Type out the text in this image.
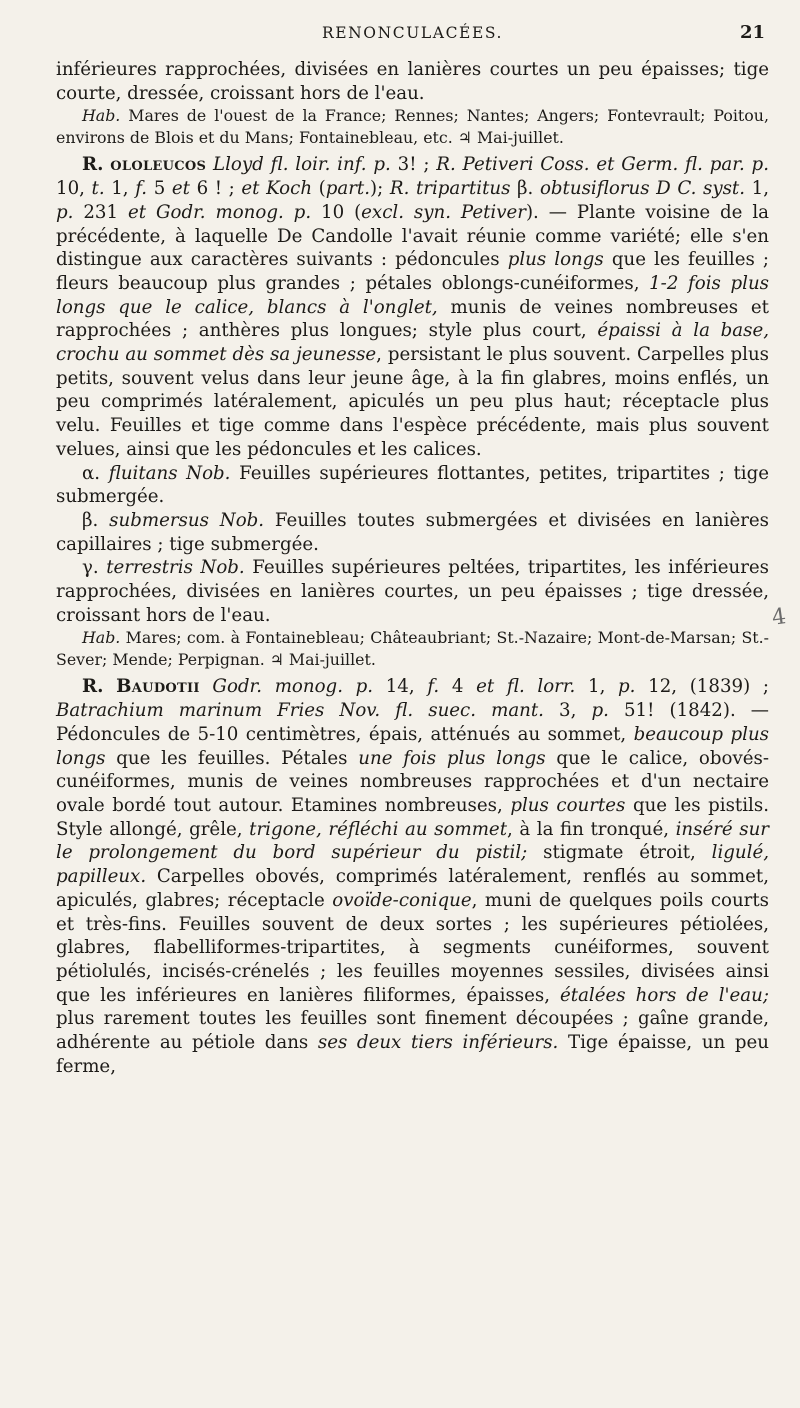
RENONCULACÉES.	21
4

inférieures rapprochées, divisées en lanières courtes un peu épaisses; tige courte, dressée, croissant hors de l'eau.

Hab. Mares de l'ouest de la France; Rennes; Nantes; Angers; Fontevrault; Poitou, environs de Blois et du Mans; Fontainebleau, etc. ♃ Mai-juillet.

R. ololeucos Lloyd fl. loir. inf. p. 3! ; R. Petiveri Coss. et Germ. fl. par. p. 10, t. 1, f. 5 et 6 ! ; et Koch (part.); R. tripartitus β. obtusiflorus D C. syst. 1, p. 231 et Godr. monog. p. 10 (excl. syn. Petiver). — Plante voisine de la précédente, à laquelle De Candolle l'avait réunie comme variété; elle s'en distingue aux caractères suivants : pédoncules plus longs que les feuilles ; fleurs beaucoup plus grandes ; pétales oblongs-cunéiformes, 1-2 fois plus longs que le calice, blancs à l'onglet, munis de veines nombreuses et rapprochées ; anthères plus longues; style plus court, épaissi à la base, crochu au sommet dès sa jeunesse, persistant le plus souvent. Carpelles plus petits, souvent velus dans leur jeune âge, à la fin glabres, moins enflés, un peu comprimés latéralement, apiculés un peu plus haut; réceptacle plus velu. Feuilles et tige comme dans l'espèce précédente, mais plus souvent velues, ainsi que les pédoncules et les calices.

α. fluitans Nob. Feuilles supérieures flottantes, petites, tripartites ; tige submergée.

β. submersus Nob. Feuilles toutes submergées et divisées en lanières capillaires ; tige submergée.

γ. terrestris Nob. Feuilles supérieures peltées, tripartites, les inférieures rapprochées, divisées en lanières courtes, un peu épaisses ; tige dressée, croissant hors de l'eau.

Hab. Mares; com. à Fontainebleau; Châteaubriant; St.-Nazaire; Mont-de-Marsan; St.-Sever; Mende; Perpignan. ♃ Mai-juillet.

R. Baudotii Godr. monog. p. 14, f. 4 et fl. lorr. 1, p. 12, (1839) ; Batrachium marinum Fries Nov. fl. suec. mant. 3, p. 51! (1842). — Pédoncules de 5-10 centimètres, épais, atténués au sommet, beaucoup plus longs que les feuilles. Pétales une fois plus longs que le calice, obovés-cunéiformes, munis de veines nombreuses rapprochées et d'un nectaire ovale bordé tout autour. Etamines nombreuses, plus courtes que les pistils. Style allongé, grêle, trigone, réfléchi au sommet, à la fin tronqué, inséré sur le prolongement du bord supérieur du pistil; stigmate étroit, ligulé, papilleux. Carpelles obovés, comprimés latéralement, renflés au sommet, apiculés, glabres; réceptacle ovoïde-conique, muni de quelques poils courts et très-fins. Feuilles souvent de deux sortes ; les supérieures pétiolées, glabres, flabelliformes-tripartites, à segments cunéiformes, souvent pétiolulés, incisés-crénelés ; les feuilles moyennes sessiles, divisées ainsi que les inférieures en lanières filiformes, épaisses, étalées hors de l'eau; plus rarement toutes les feuilles sont finement découpées ; gaîne grande, adhérente au pétiole dans ses deux tiers inférieurs. Tige épaisse, un peu ferme,
